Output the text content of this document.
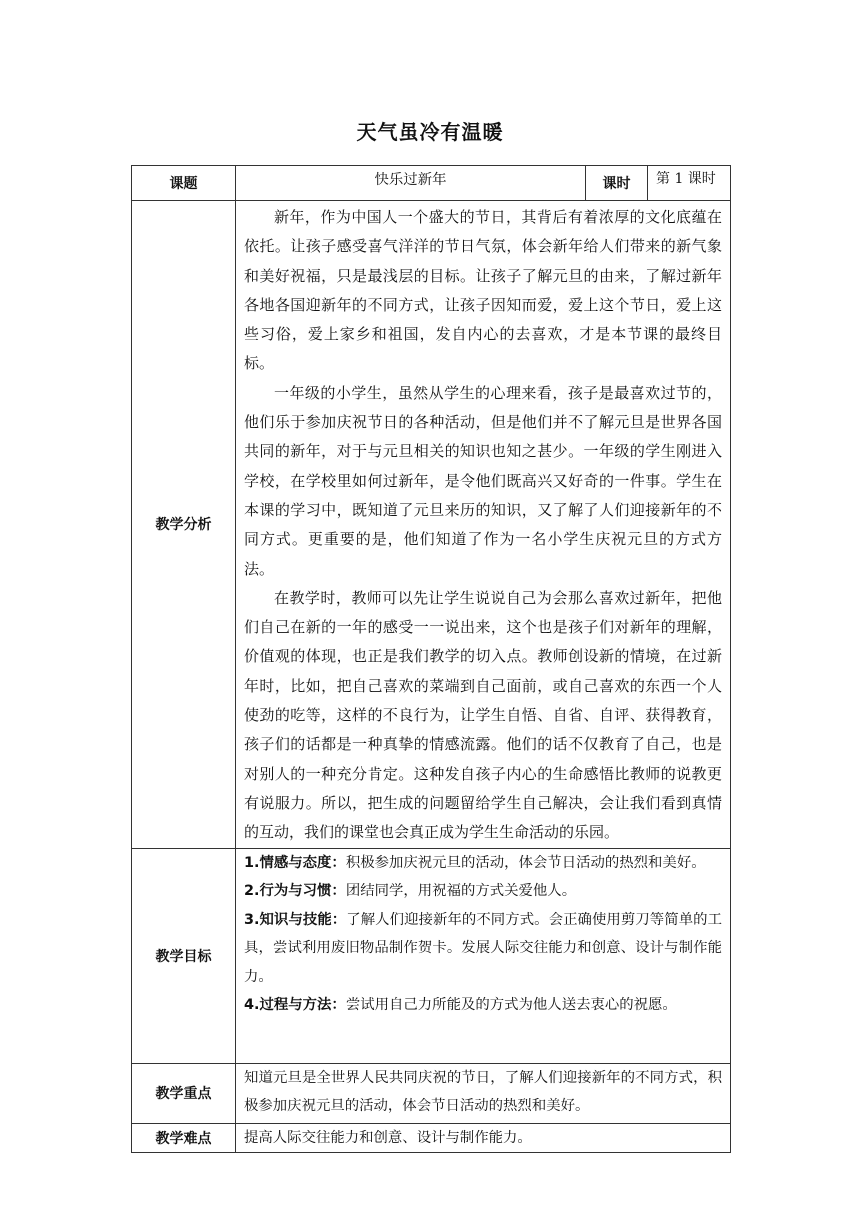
天气虽冷有温暖
课题	快乐过新年	课时	第 1 课时
教学分析	新年，作为中国人一个盛大的节日，其背后有着浓厚的文化底蕴在依托。让孩子感受喜气洋洋的节日气氛，体会新年给人们带来的新气象和美好祝福，只是最浅层的目标。让孩子了解元旦的由来，了解过新年各地各国迎新年的不同方式，让孩子因知而爱，爱上这个节日，爱上这些习俗，爱上家乡和祖国，发自内心的去喜欢，才是本节课的最终目标。

一年级的小学生，虽然从学生的心理来看，孩子是最喜欢过节的，他们乐于参加庆祝节日的各种活动，但是他们并不了解元旦是世界各国共同的新年，对于与元旦相关的知识也知之甚少。一年级的学生刚进入学校，在学校里如何过新年，是令他们既高兴又好奇的一件事。学生在本课的学习中，既知道了元旦来历的知识，又了解了人们迎接新年的不同方式。更重要的是，他们知道了作为一名小学生庆祝元旦的方式方法。

在教学时，教师可以先让学生说说自己为会那么喜欢过新年，把他们自己在新的一年的感受一一说出来，这个也是孩子们对新年的理解，价值观的体现，也正是我们教学的切入点。教师创设新的情境，在过新年时，比如，把自己喜欢的菜端到自己面前，或自己喜欢的东西一个人使劲的吃等，这样的不良行为，让学生自悟、自省、自评、获得教育，孩子们的话都是一种真挚的情感流露。他们的话不仅教育了自己，也是对别人的一种充分肯定。这种发自孩子内心的生命感悟比教师的说教更有说服力。所以，把生成的问题留给学生自己解决，会让我们看到真情的互动，我们的课堂也会真正成为学生生命活动的乐园。		

教学目标	1.情感与态度：积极参加庆祝元旦的活动，体会节日活动的热烈和美好。

2.行为与习惯：团结同学，用祝福的方式关爱他人。

3.知识与技能：了解人们迎接新年的不同方式。会正确使用剪刀等简单的工具，尝试利用废旧物品制作贺卡。发展人际交往能力和创意、设计与制作能力。

4.过程与方法：尝试用自己力所能及的方式为他人送去衷心的祝愿。		

教学重点	知道元旦是全世界人民共同庆祝的节日，了解人们迎接新年的不同方式，积极参加庆祝元旦的活动，体会节日活动的热烈和美好。		

教学难点	提高人际交往能力和创意、设计与制作能力。		
